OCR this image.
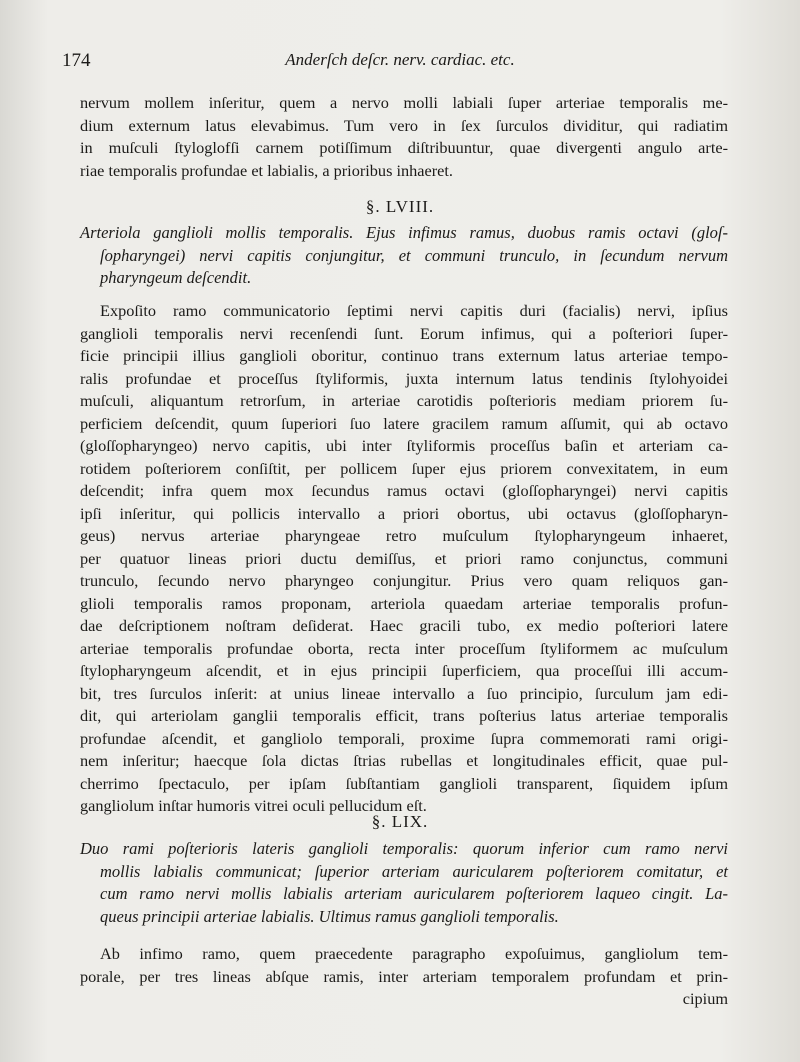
174	Anderſch deſcr. nerv. cardiac. etc.
nervum mollem inſeritur, quem a nervo molli labiali ſuper arteriae temporalis me-
dium externum latus elevabimus. Tum vero in ſex ſurculos dividitur, qui radiatim
in muſculi ſtyloglofſi carnem potiſſimum diſtribuuntur, quae divergenti angulo arte-
riae temporalis profundae et labialis, a prioribus inhaeret.
§. LVIII.
Arteriola ganglioli mollis temporalis. Ejus infimus ramus, duobus ramis octavi (gloſ-
ſopharyngei) nervi capitis conjungitur, et communi trunculo, in ſecundum nervum
pharyngeum deſcendit.
Expoſito ramo communicatorio ſeptimi nervi capitis duri (facialis) nervi, ipſius
ganglioli temporalis nervi recenſendi ſunt. Eorum infimus, qui a poſteriori ſuper-
ficie principii illius ganglioli oboritur, continuo trans externum latus arteriae tempo-
ralis profundae et proceſſus ſtyliformis, juxta internum latus tendinis ſtylohyoidei
muſculi, aliquantum retrorſum, in arteriae carotidis poſterioris mediam priorem ſu-
perficiem deſcendit, quum ſuperiori ſuo latere gracilem ramum aſſumit, qui ab octavo
(gloſſopharyngeo) nervo capitis, ubi inter ſtyliformis proceſſus baſin et arteriam ca-
rotidem poſteriorem conſiſtit, per pollicem ſuper ejus priorem convexitatem, in eum
deſcendit; infra quem mox ſecundus ramus octavi (gloſſopharyngei) nervi capitis
ipſi inſeritur, qui pollicis intervallo a priori obortus, ubi octavus (gloſſopharyn-
geus) nervus arteriae pharyngeae retro muſculum ſtylopharyngeum inhaeret,
per quatuor lineas priori ductu demiſſus, et priori ramo conjunctus, communi
trunculo, ſecundo nervo pharyngeo conjungitur. Prius vero quam reliquos gan-
glioli temporalis ramos proponam, arteriola quaedam arteriae temporalis profun-
dae deſcriptionem noſtram deſiderat. Haec gracili tubo, ex medio poſteriori latere
arteriae temporalis profundae oborta, recta inter proceſſum ſtyliformem ac muſculum
ſtylopharyngeum aſcendit, et in ejus principii ſuperficiem, qua proceſſui illi accum-
bit, tres ſurculos inſerit: at unius lineae intervallo a ſuo principio, ſurculum jam edi-
dit, qui arteriolam ganglii temporalis efficit, trans poſterius latus arteriae temporalis
profundae aſcendit, et gangliolo temporali, proxime ſupra commemorati rami origi-
nem inſeritur; haecque ſola dictas ſtrias rubellas et longitudinales efficit, quae pul-
cherrimo ſpectaculo, per ipſam ſubſtantiam ganglioli transparent, ſiquidem ipſum
gangliolum inſtar humoris vitrei oculi pellucidum eſt.
§. LIX.
Duo rami poſterioris lateris ganglioli temporalis: quorum inferior cum ramo nervi
mollis labialis communicat; ſuperior arteriam auricularem poſteriorem comitatur, et
cum ramo nervi mollis labialis arteriam auricularem poſteriorem laqueo cingit. La-
queus principii arteriae labialis. Ultimus ramus ganglioli temporalis.
Ab infimo ramo, quem praecedente paragrapho expoſuimus, gangliolum tem-
porale, per tres lineas abſque ramis, inter arteriam temporalem profundam et prin-
cipium
